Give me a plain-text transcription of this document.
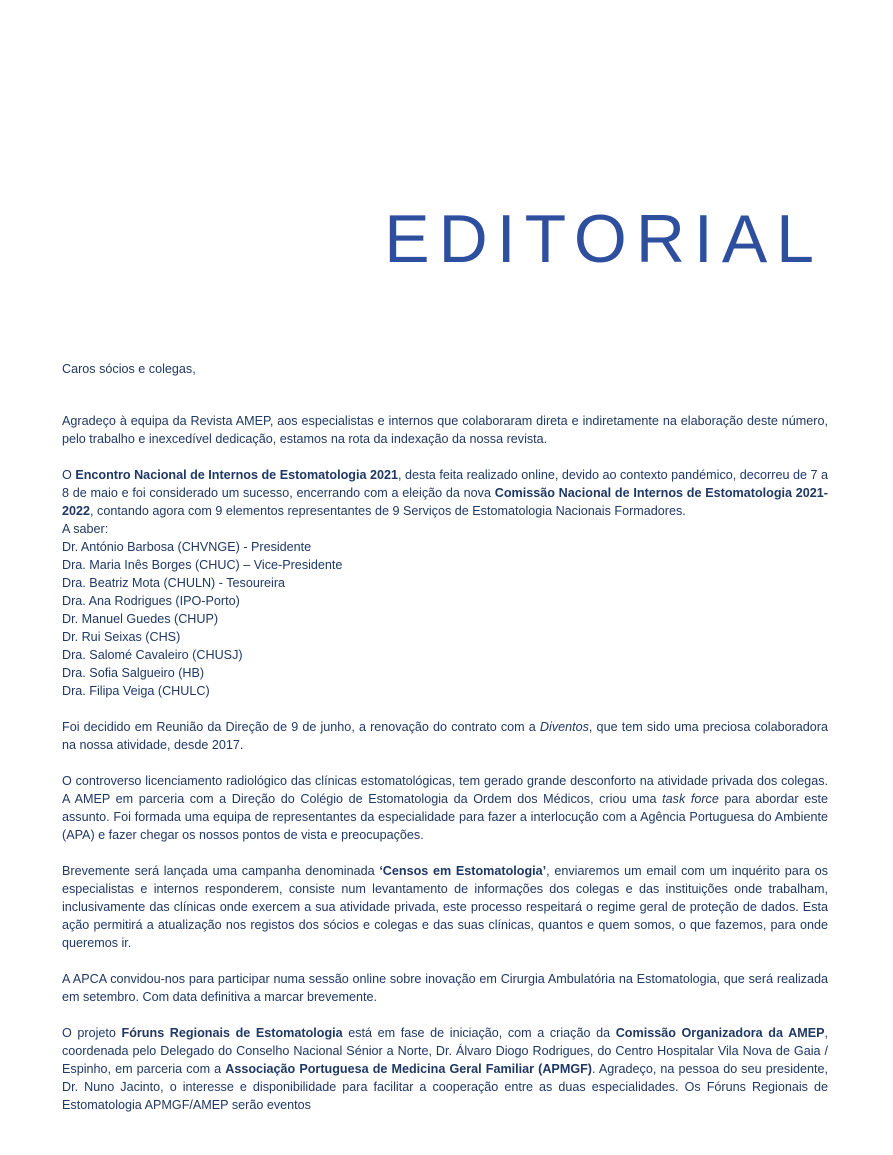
EDITORIAL

Caros sócios e colegas,

Agradeço à equipa da Revista AMEP, aos especialistas e internos que colaboraram direta e indiretamente na elaboração deste número, pelo trabalho e inexcedível dedicação, estamos na rota da indexação da nossa revista.

O Encontro Nacional de Internos de Estomatologia 2021, desta feita realizado online, devido ao contexto pandémico, decorreu de 7 a 8 de maio e foi considerado um sucesso, encerrando com a eleição da nova Comissão Nacional de Internos de Estomatologia 2021-2022, contando agora com 9 elementos representantes de 9 Serviços de Estomatologia Nacionais Formadores.

A saber:

Dr. António Barbosa (CHVNGE) - Presidente
Dra. Maria Inês Borges (CHUC) – Vice-Presidente
Dra. Beatriz Mota (CHULN) - Tesoureira
Dra. Ana Rodrigues (IPO-Porto)
Dr. Manuel Guedes (CHUP)
Dr. Rui Seixas (CHS)
Dra. Salomé Cavaleiro (CHUSJ)
Dra. Sofia Salgueiro (HB)
Dra. Filipa Veiga (CHULC)

Foi decidido em Reunião da Direção de 9 de junho, a renovação do contrato com a Diventos, que tem sido uma preciosa colaboradora na nossa atividade, desde 2017.

O controverso licenciamento radiológico das clínicas estomatológicas, tem gerado grande desconforto na atividade privada dos colegas. A AMEP em parceria com a Direção do Colégio de Estomatologia da Ordem dos Médicos, criou uma task force para abordar este assunto. Foi formada uma equipa de representantes da especialidade para fazer a interlocução com a Agência Portuguesa do Ambiente (APA) e fazer chegar os nossos pontos de vista e preocupações.

Brevemente será lançada uma campanha denominada ‘Censos em Estomatologia’, enviaremos um email com um inquérito para os especialistas e internos responderem, consiste num levantamento de informações dos colegas e das instituições onde trabalham, inclusivamente das clínicas onde exercem a sua atividade privada, este processo respeitará o regime geral de proteção de dados. Esta ação permitirá a atualização nos registos dos sócios e colegas e das suas clínicas, quantos e quem somos, o que fazemos, para onde queremos ir.

A APCA convidou-nos para participar numa sessão online sobre inovação em Cirurgia Ambulatória na Estomatologia, que será realizada em setembro. Com data definitiva a marcar brevemente.

O projeto Fóruns Regionais de Estomatologia está em fase de iniciação, com a criação da Comissão Organizadora da AMEP, coordenada pelo Delegado do Conselho Nacional Sénior a Norte, Dr. Álvaro Diogo Rodrigues, do Centro Hospitalar Vila Nova de Gaia / Espinho, em parceria com a Associação Portuguesa de Medicina Geral Familiar (APMGF). Agradeço, na pessoa do seu presidente, Dr. Nuno Jacinto, o interesse e disponibilidade para facilitar a cooperação entre as duas especialidades. Os Fóruns Regionais de Estomatologia APMGF/AMEP serão eventos
